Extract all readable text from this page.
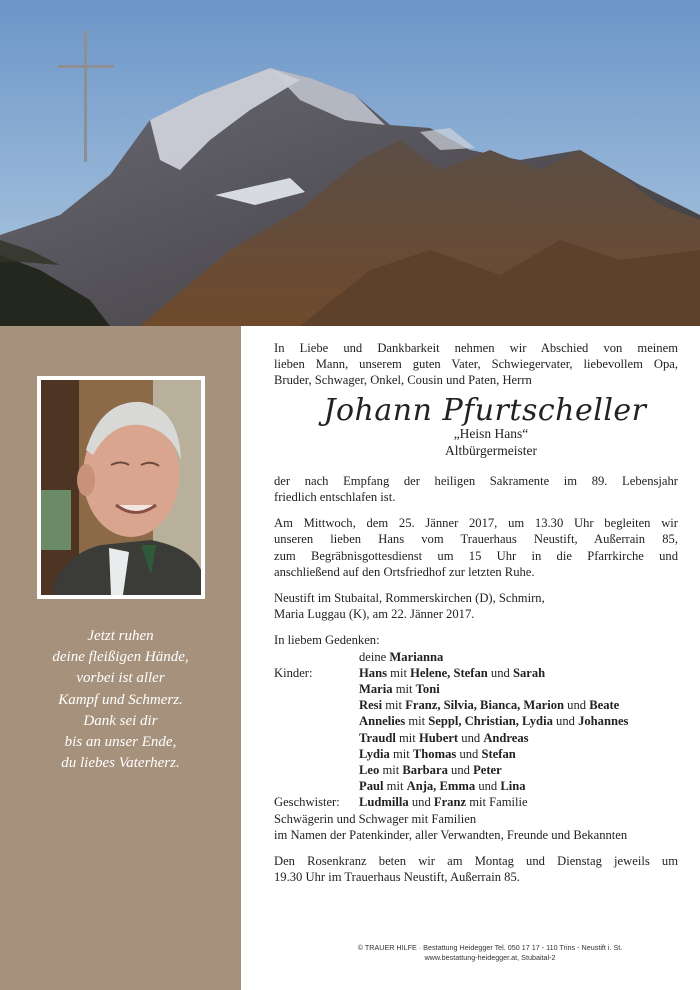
Jetzt ruhen
deine fleißigen Hände,
vorbei ist aller
Kampf und Schmerz.
Dank sei dir
bis an unser Ende,
du liebes Vaterherz.
In Liebe und Dankbarkeit nehmen wir Abschied von meinem
lieben Mann, unserem guten Vater, Schwiegervater, liebevollem Opa,
Bruder, Schwager, Onkel, Cousin und Paten, Herrn
Johann Pfurtscheller
„Heisn Hans“
Altbürgermeister
der nach Empfang der heiligen Sakramente im 89. Lebensjahr
friedlich entschlafen ist.
Am Mittwoch, dem 25. Jänner 2017, um 13.30 Uhr begleiten wir
unseren lieben Hans vom Trauerhaus Neustift, Außerrain 85,
zum Begräbnisgottesdienst um 15 Uhr in die Pfarrkirche und
anschließend auf den Ortsfriedhof zur letzten Ruhe.
Neustift im Stubaital, Rommerskirchen (D), Schmirn,
Maria Luggau (K), am 22. Jänner 2017.
In liebem Gedenken:
deine Marianna
Kinder:	Hans mit Helene, Stefan und Sarah
Maria mit Toni
Resi mit Franz, Silvia, Bianca, Marion und Beate
Annelies mit Seppl, Christian, Lydia und Johannes
Traudl mit Hubert und Andreas
Lydia mit Thomas und Stefan
Leo mit Barbara und Peter
Paul mit Anja, Emma und Lina
Geschwister:	Ludmilla und Franz mit Familie
Schwägerin und Schwager mit Familien
im Namen der Patenkinder, aller Verwandten, Freunde und Bekannten
Den Rosenkranz beten wir am Montag und Dienstag jeweils um
19.30 Uhr im Trauerhaus Neustift, Außerrain 85.
© TRAUER HILFE · Bestattung Heidegger Tel. 050 17 17 - 110 Trins - Neustift i. St.
www.bestattung-heidegger.at, Stubaital-2
